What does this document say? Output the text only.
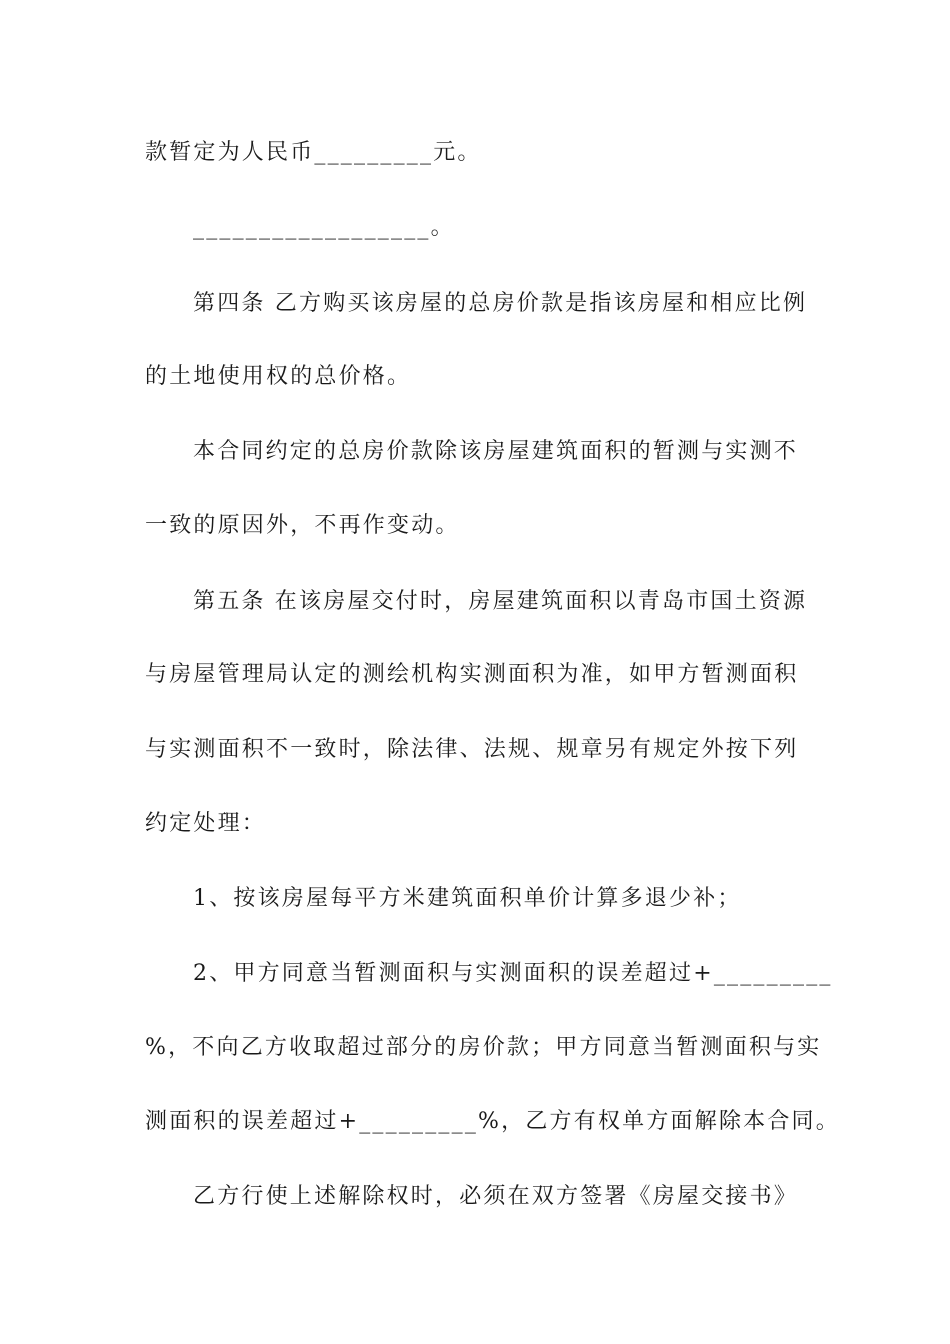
款暂定为人民币_________元。
__________________。
第四条 乙方购买该房屋的总房价款是指该房屋和相应比例
的土地使用权的总价格。
本合同约定的总房价款除该房屋建筑面积的暂测与实测不
一致的原因外，不再作变动。
第五条 在该房屋交付时，房屋建筑面积以青岛市国土资源
与房屋管理局认定的测绘机构实测面积为准，如甲方暂测面积
与实测面积不一致时，除法律、法规、规章另有规定外按下列
约定处理：
1、按该房屋每平方米建筑面积单价计算多退少补；
2、甲方同意当暂测面积与实测面积的误差超过+_________
%，不向乙方收取超过部分的房价款；甲方同意当暂测面积与实
测面积的误差超过+_________%，乙方有权单方面解除本合同。
乙方行使上述解除权时，必须在双方签署《房屋交接书》
